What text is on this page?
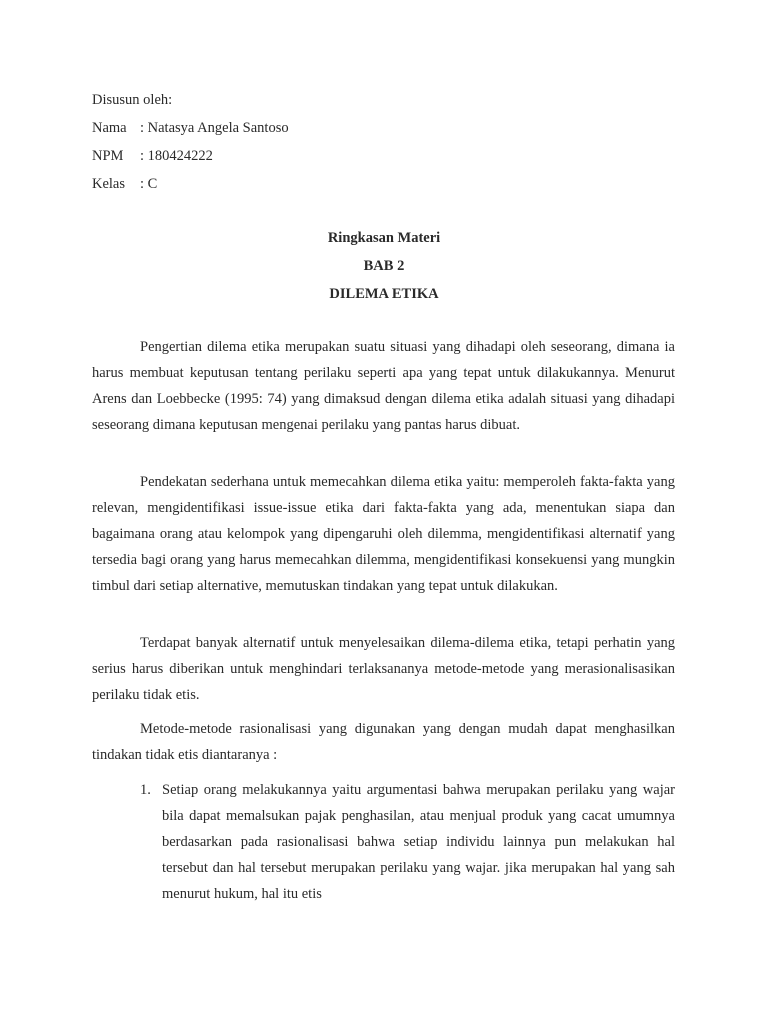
Disusun oleh:
Nama : Natasya Angela Santoso
NPM	: 180424222
Kelas	: C
Ringkasan Materi
BAB 2
DILEMA ETIKA

Pengertian dilema etika merupakan suatu situasi yang dihadapi oleh seseorang, dimana ia harus membuat keputusan tentang perilaku seperti apa yang tepat untuk dilakukannya. Menurut Arens dan Loebbecke (1995: 74) yang dimaksud dengan dilema etika adalah situasi yang dihadapi seseorang dimana keputusan mengenai perilaku yang pantas harus dibuat.

Pendekatan sederhana untuk memecahkan dilema etika yaitu: memperoleh fakta-fakta yang relevan, mengidentifikasi issue-issue etika dari fakta-fakta yang ada, menentukan siapa dan bagaimana orang atau kelompok yang dipengaruhi oleh dilemma, mengidentifikasi alternatif yang tersedia bagi orang yang harus memecahkan dilemma, mengidentifikasi konsekuensi yang mungkin timbul dari setiap alternative, memutuskan tindakan yang tepat untuk dilakukan.

Terdapat banyak alternatif untuk menyelesaikan dilema-dilema etika, tetapi perhatin yang serius harus diberikan untuk menghindari terlaksananya metode-metode yang merasionalisasikan perilaku tidak etis.

Metode-metode rasionalisasi yang digunakan yang dengan mudah dapat menghasilkan tindakan tidak etis diantaranya :

1. Setiap orang melakukannya yaitu argumentasi bahwa merupakan perilaku yang wajar bila dapat memalsukan pajak penghasilan, atau menjual produk yang cacat umumnya berdasarkan pada rasionalisasi bahwa setiap individu lainnya pun melakukan hal tersebut dan hal tersebut merupakan perilaku yang wajar. jika merupakan hal yang sah menurut hukum, hal itu etis
